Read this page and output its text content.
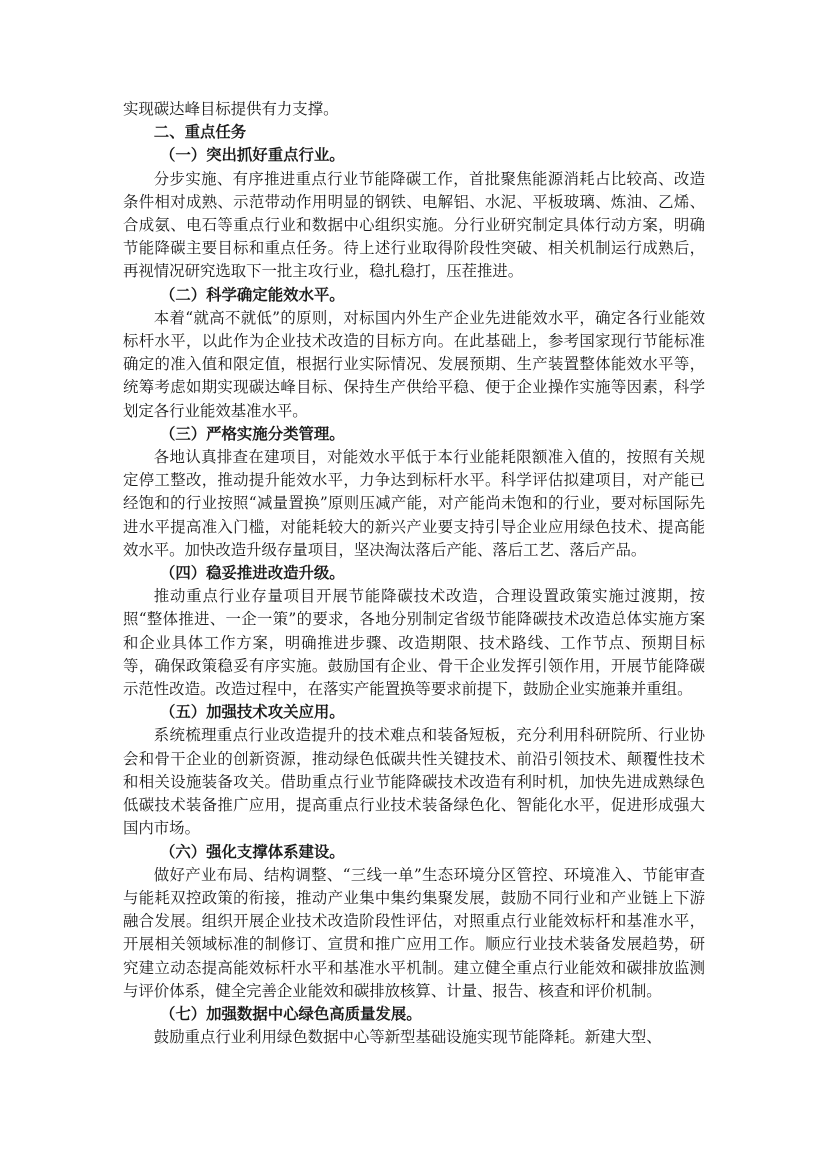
实现碳达峰目标提供有力支撑。

二、重点任务

（一）突出抓好重点行业。

分步实施、有序推进重点行业节能降碳工作，首批聚焦能源消耗占比较高、改造条件相对成熟、示范带动作用明显的钢铁、电解铝、水泥、平板玻璃、炼油、乙烯、合成氨、电石等重点行业和数据中心组织实施。分行业研究制定具体行动方案，明确节能降碳主要目标和重点任务。待上述行业取得阶段性突破、相关机制运行成熟后，再视情况研究选取下一批主攻行业，稳扎稳打，压茬推进。

（二）科学确定能效水平。

本着“就高不就低”的原则，对标国内外生产企业先进能效水平，确定各行业能效标杆水平，以此作为企业技术改造的目标方向。在此基础上，参考国家现行节能标准确定的准入值和限定值，根据行业实际情况、发展预期、生产装置整体能效水平等，统筹考虑如期实现碳达峰目标、保持生产供给平稳、便于企业操作实施等因素，科学划定各行业能效基准水平。

（三）严格实施分类管理。

各地认真排查在建项目，对能效水平低于本行业能耗限额准入值的，按照有关规定停工整改，推动提升能效水平，力争达到标杆水平。科学评估拟建项目，对产能已经饱和的行业按照“减量置换”原则压减产能，对产能尚未饱和的行业，要对标国际先进水平提高准入门槛，对能耗较大的新兴产业要支持引导企业应用绿色技术、提高能效水平。加快改造升级存量项目，坚决淘汰落后产能、落后工艺、落后产品。

（四）稳妥推进改造升级。

推动重点行业存量项目开展节能降碳技术改造，合理设置政策实施过渡期，按照“整体推进、一企一策”的要求，各地分别制定省级节能降碳技术改造总体实施方案和企业具体工作方案，明确推进步骤、改造期限、技术路线、工作节点、预期目标等，确保政策稳妥有序实施。鼓励国有企业、骨干企业发挥引领作用，开展节能降碳示范性改造。改造过程中，在落实产能置换等要求前提下，鼓励企业实施兼并重组。

（五）加强技术攻关应用。

系统梳理重点行业改造提升的技术难点和装备短板，充分利用科研院所、行业协会和骨干企业的创新资源，推动绿色低碳共性关键技术、前沿引领技术、颠覆性技术和相关设施装备攻关。借助重点行业节能降碳技术改造有利时机，加快先进成熟绿色低碳技术装备推广应用，提高重点行业技术装备绿色化、智能化水平，促进形成强大国内市场。

（六）强化支撑体系建设。

做好产业布局、结构调整、“三线一单”生态环境分区管控、环境准入、节能审查与能耗双控政策的衔接，推动产业集中集约集聚发展，鼓励不同行业和产业链上下游融合发展。组织开展企业技术改造阶段性评估，对照重点行业能效标杆和基准水平，开展相关领域标准的制修订、宣贯和推广应用工作。顺应行业技术装备发展趋势，研究建立动态提高能效标杆水平和基准水平机制。建立健全重点行业能效和碳排放监测与评价体系，健全完善企业能效和碳排放核算、计量、报告、核查和评价机制。

（七）加强数据中心绿色高质量发展。

鼓励重点行业利用绿色数据中心等新型基础设施实现节能降耗。新建大型、
